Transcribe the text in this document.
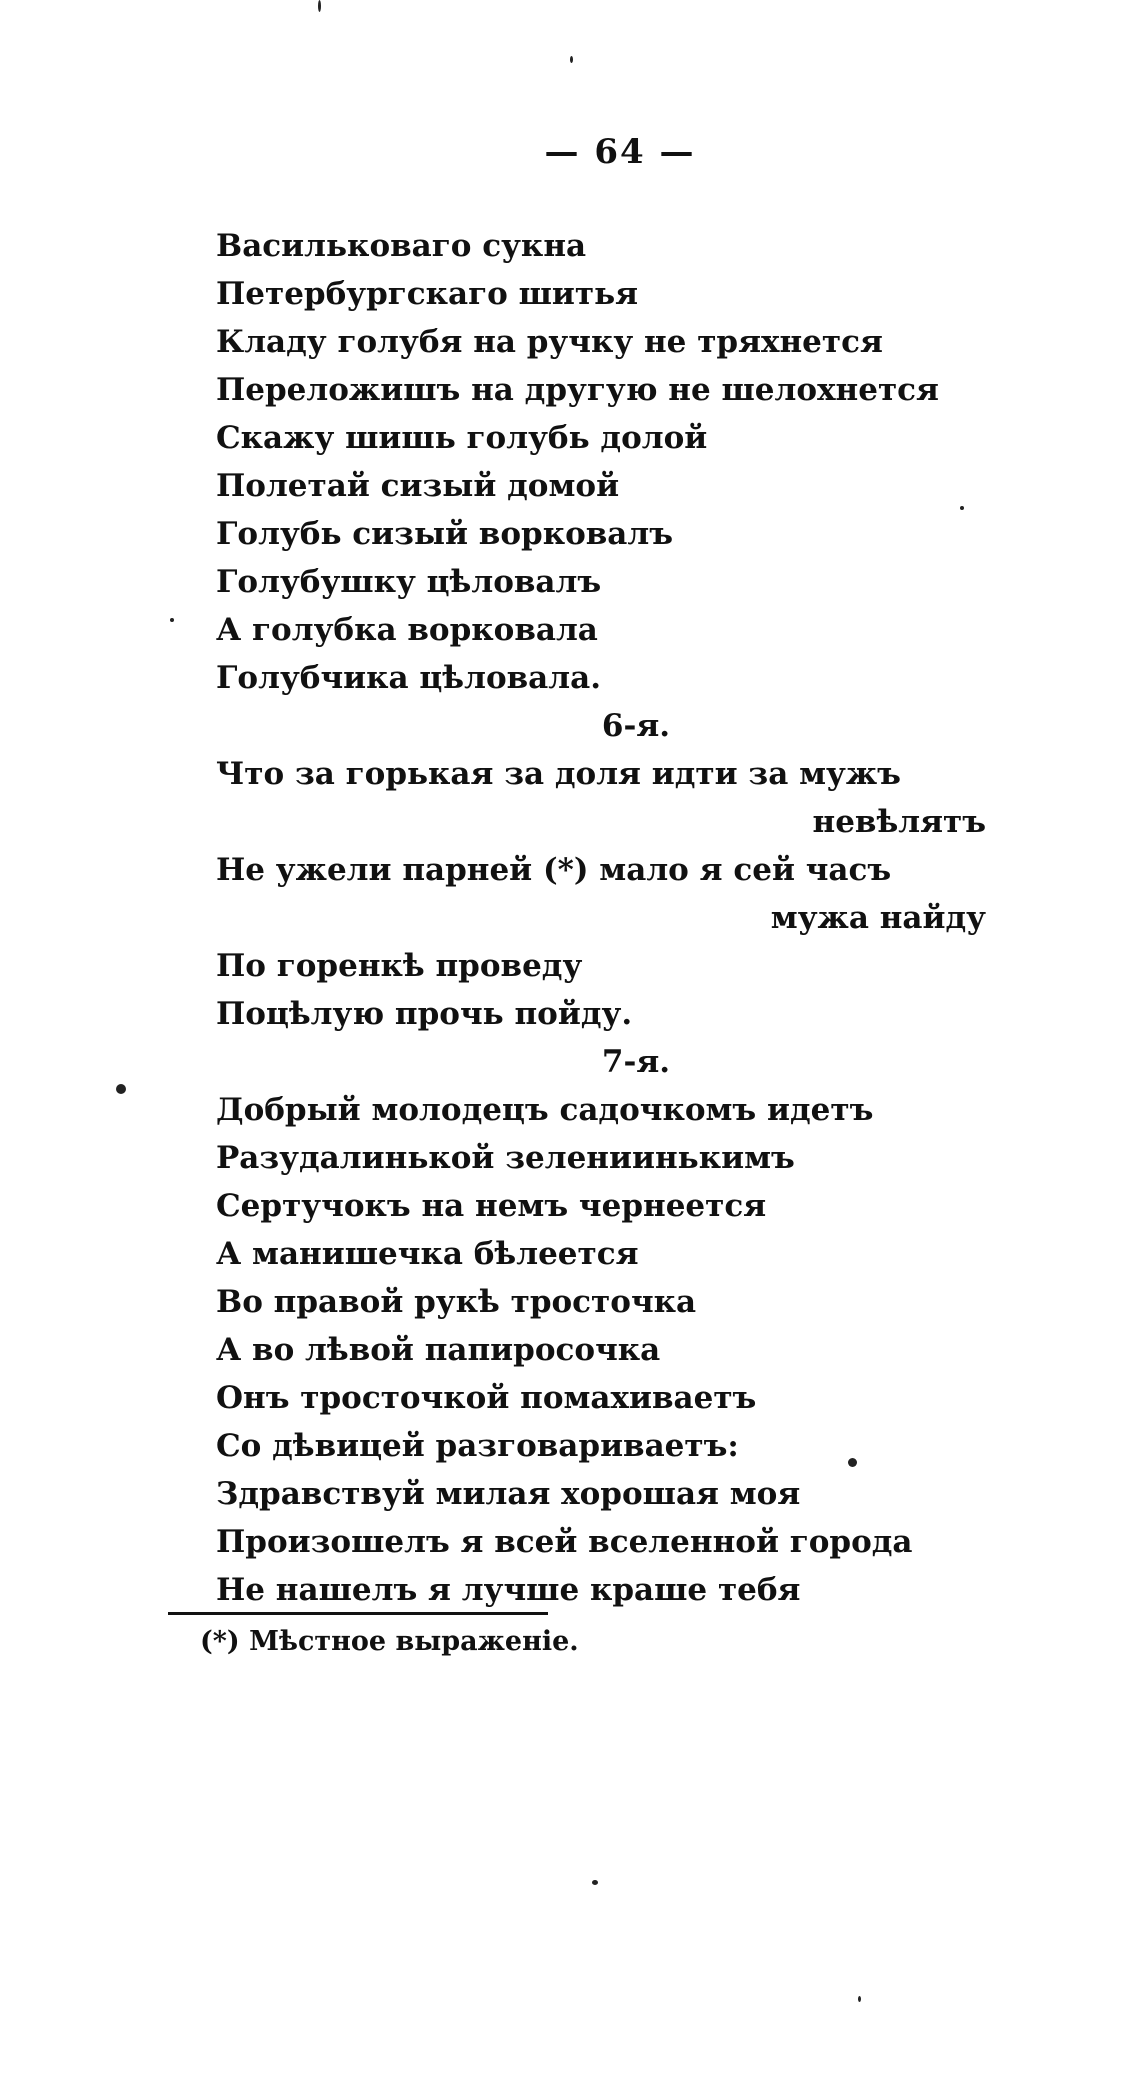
— 64 —
Васильковаго сукна
Петербургскаго шитья
Кладу голубя на ручку не тряхнется
Переложишъ на другую не шелохнется
Скажу шишь голубь долой
Полетай сизый домой
Голубь сизый ворковалъ
Голубушку цѣловалъ
А голубка ворковала
Голубчика цѣловала.
6-я.
Что за горькая за доля идти за мужъ
невѣлятъ
Не ужели парней (*) мало я сей часъ
мужа найду
По горенкѣ проведу
Поцѣлую прочь пойду.
7-я.
Добрый молодецъ садочкомъ идетъ
Разудалинькой зелениинькимъ
Сертучокъ на немъ чернеется
А манишечка бѣлеется
Во правой рукѣ тросточка
А во лѣвой папиросочка
Онъ тросточкой помахиваетъ
Со дѣвицей разговариваетъ:
Здравствуй милая хорошая моя
Произошелъ я всей вселенной города
Не нашелъ я лучше краше тебя
(*) Мѣстное выраженіе.
